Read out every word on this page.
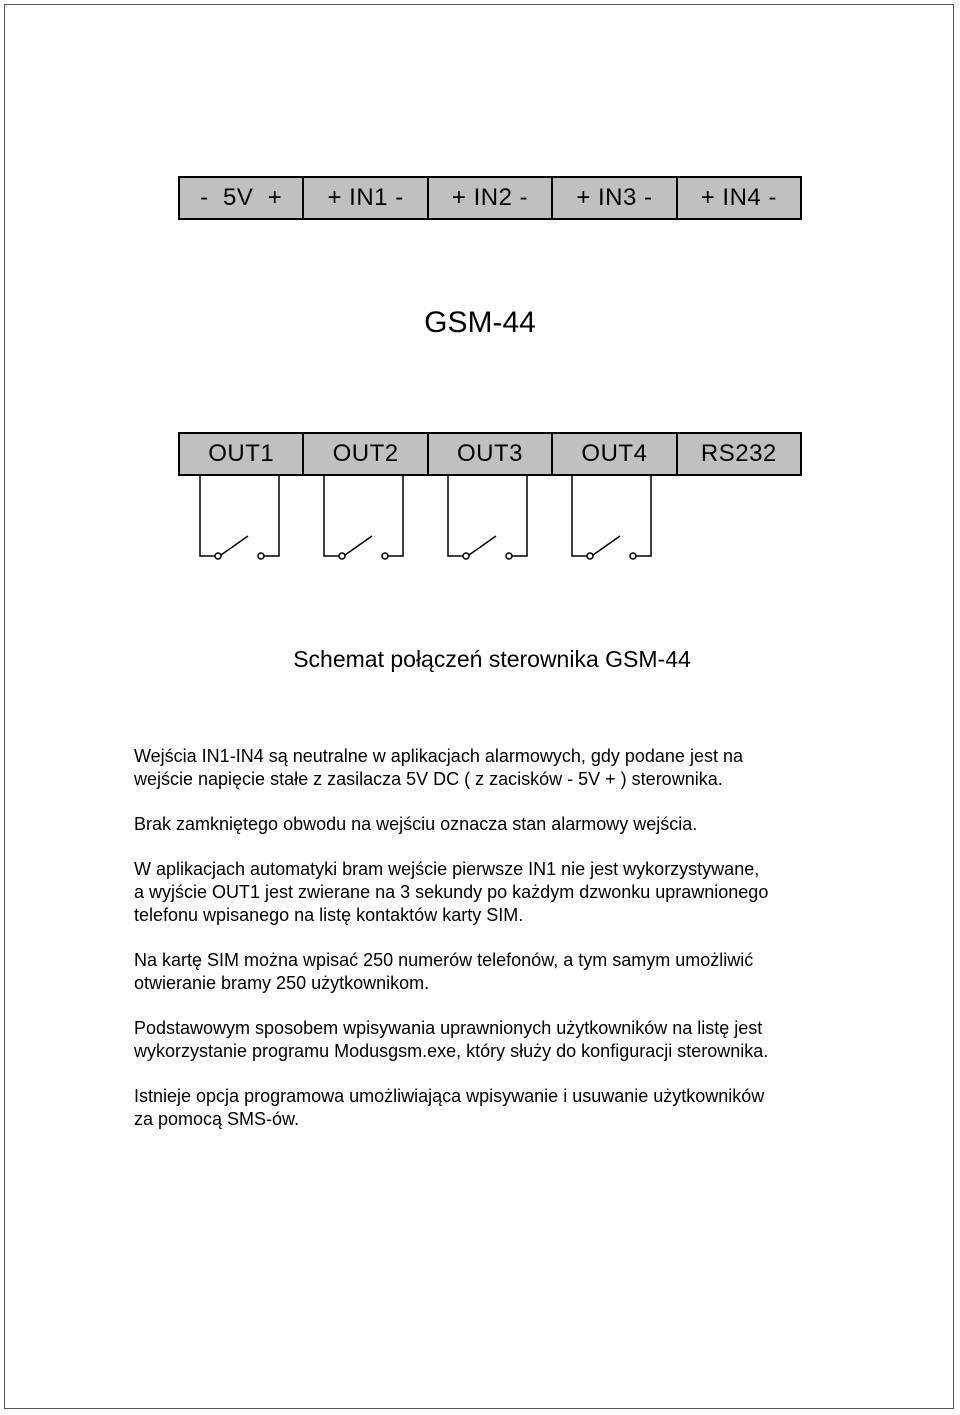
-  5V  +	+ IN1 -	+ IN2 -	+ IN3 -	+ IN4 -
GSM-44
OUT1	OUT2	OUT3	OUT4	RS232
Schemat połączeń sterownika GSM-44

Wejścia IN1-IN4 są neutralne w aplikacjach alarmowych, gdy podane jest na
wejście napięcie stałe z zasilacza 5V DC ( z zacisków - 5V + ) sterownika.

Brak zamkniętego obwodu na wejściu oznacza stan alarmowy wejścia.

W aplikacjach automatyki bram wejście pierwsze IN1 nie jest wykorzystywane,
a wyjście OUT1 jest zwierane na 3 sekundy po każdym dzwonku uprawnionego
telefonu wpisanego na listę kontaktów karty SIM.

Na kartę SIM można wpisać 250 numerów telefonów, a tym samym umożliwić
otwieranie bramy 250 użytkownikom.

Podstawowym sposobem wpisywania uprawnionych użytkowników na listę jest
wykorzystanie programu Modusgsm.exe, który służy do konfiguracji sterownika.

Istnieje opcja programowa umożliwiająca wpisywanie i usuwanie użytkowników
za pomocą SMS-ów.
